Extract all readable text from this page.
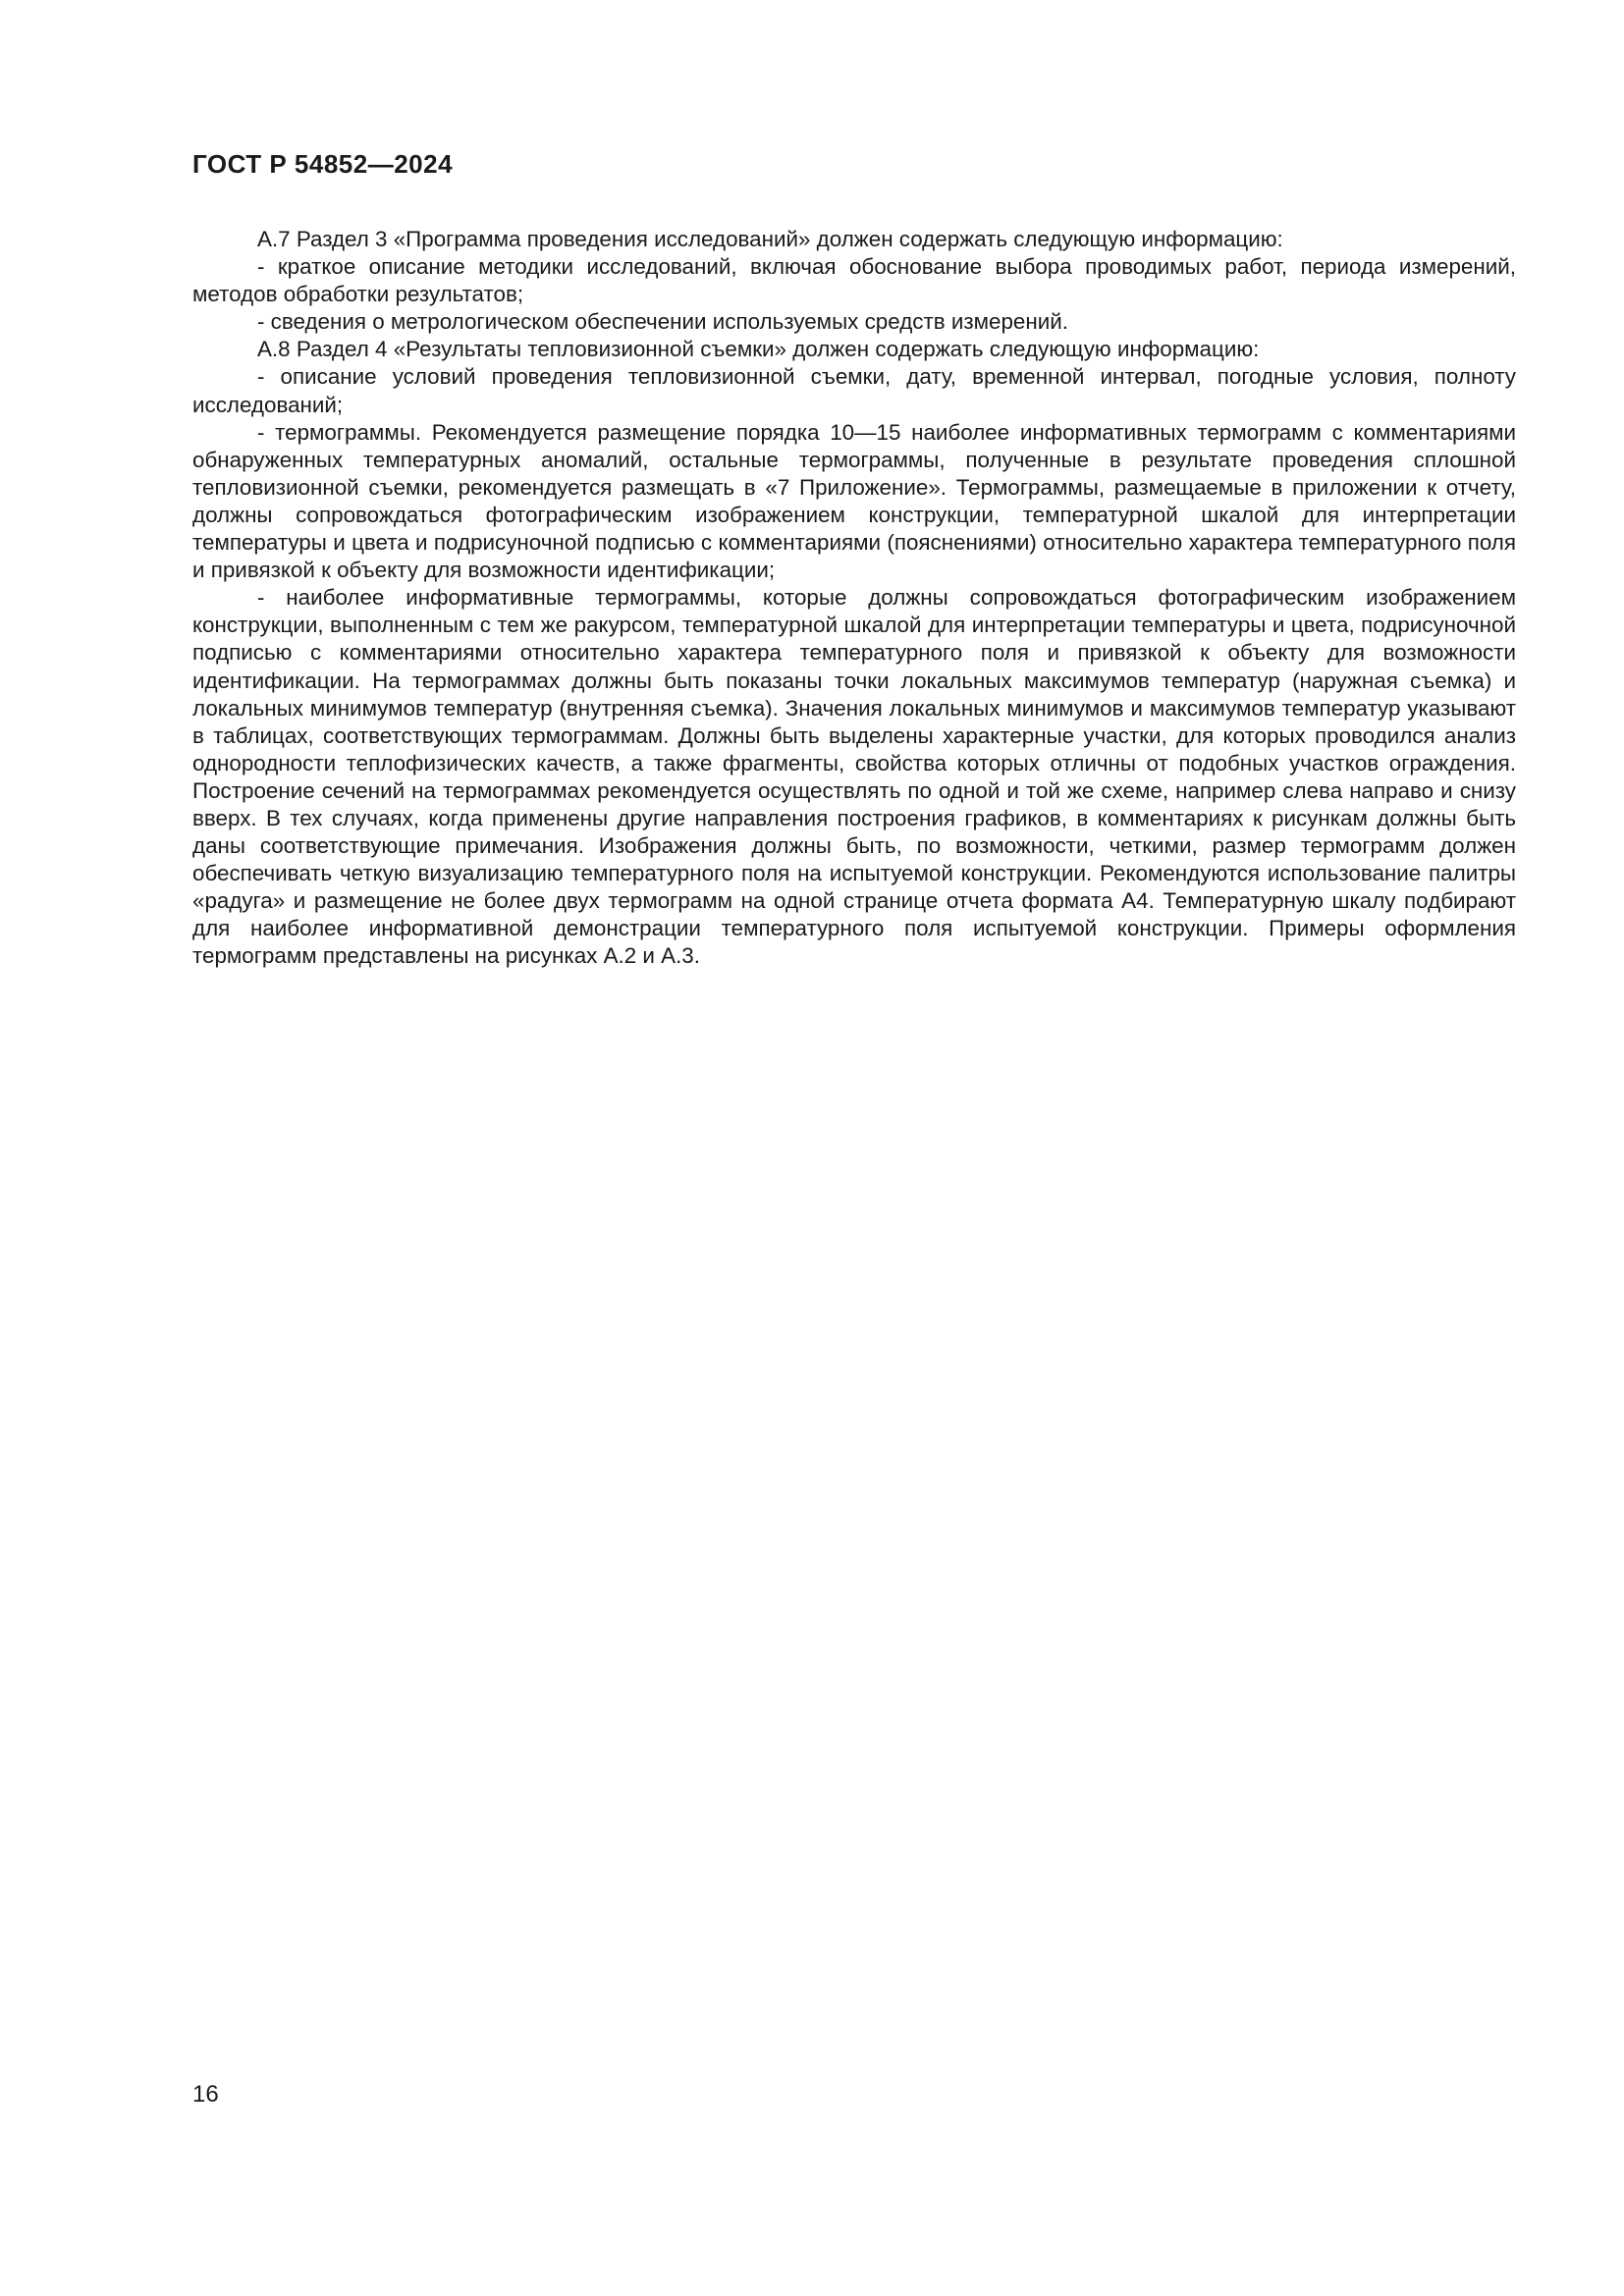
ГОСТ Р 54852—2024

А.7 Раздел 3 «Программа проведения исследований» должен содержать следующую информацию:

- краткое описание методики исследований, включая обоснование выбора проводимых работ, периода измерений, методов обработки результатов;

- сведения о метрологическом обеспечении используемых средств измерений.

А.8 Раздел 4 «Результаты тепловизионной съемки» должен содержать следующую информацию:

- описание условий проведения тепловизионной съемки, дату, временной интервал, погодные условия, полноту исследований;

- термограммы. Рекомендуется размещение порядка 10—15 наиболее информативных термограмм с комментариями обнаруженных температурных аномалий, остальные термограммы, полученные в результате проведения сплошной тепловизионной съемки, рекомендуется размещать в «7 Приложение». Термограммы, размещаемые в приложении к отчету, должны сопровождаться фотографическим изображением конструкции, температурной шкалой для интерпретации температуры и цвета и подрисуночной подписью с комментариями (пояснениями) относительно характера температурного поля и привязкой к объекту для возможности идентификации;

- наиболее информативные термограммы, которые должны сопровождаться фотографическим изображением конструкции, выполненным с тем же ракурсом, температурной шкалой для интерпретации температуры и цвета, подрисуночной подписью с комментариями относительно характера температурного поля и привязкой к объекту для возможности идентификации. На термограммах должны быть показаны точки локальных максимумов температур (наружная съемка) и локальных минимумов температур (внутренняя съемка). Значения локальных минимумов и максимумов температур указывают в таблицах, соответствующих термограммам. Должны быть выделены характерные участки, для которых проводился анализ однородности теплофизических качеств, а также фрагменты, свойства которых отличны от подобных участков ограждения. Построение сечений на термограммах рекомендуется осуществлять по одной и той же схеме, например слева направо и снизу вверх. В тех случаях, когда применены другие направления построения графиков, в комментариях к рисункам должны быть даны соответствующие примечания. Изображения должны быть, по возможности, четкими, размер термограмм должен обеспечивать четкую визуализацию температурного поля на испытуемой конструкции. Рекомендуются использование палитры «радуга» и размещение не более двух термограмм на одной странице отчета формата А4. Температурную шкалу подбирают для наиболее информативной демонстрации температурного поля испытуемой конструкции. Примеры оформления термограмм представлены на рисунках А.2 и А.3.

16
